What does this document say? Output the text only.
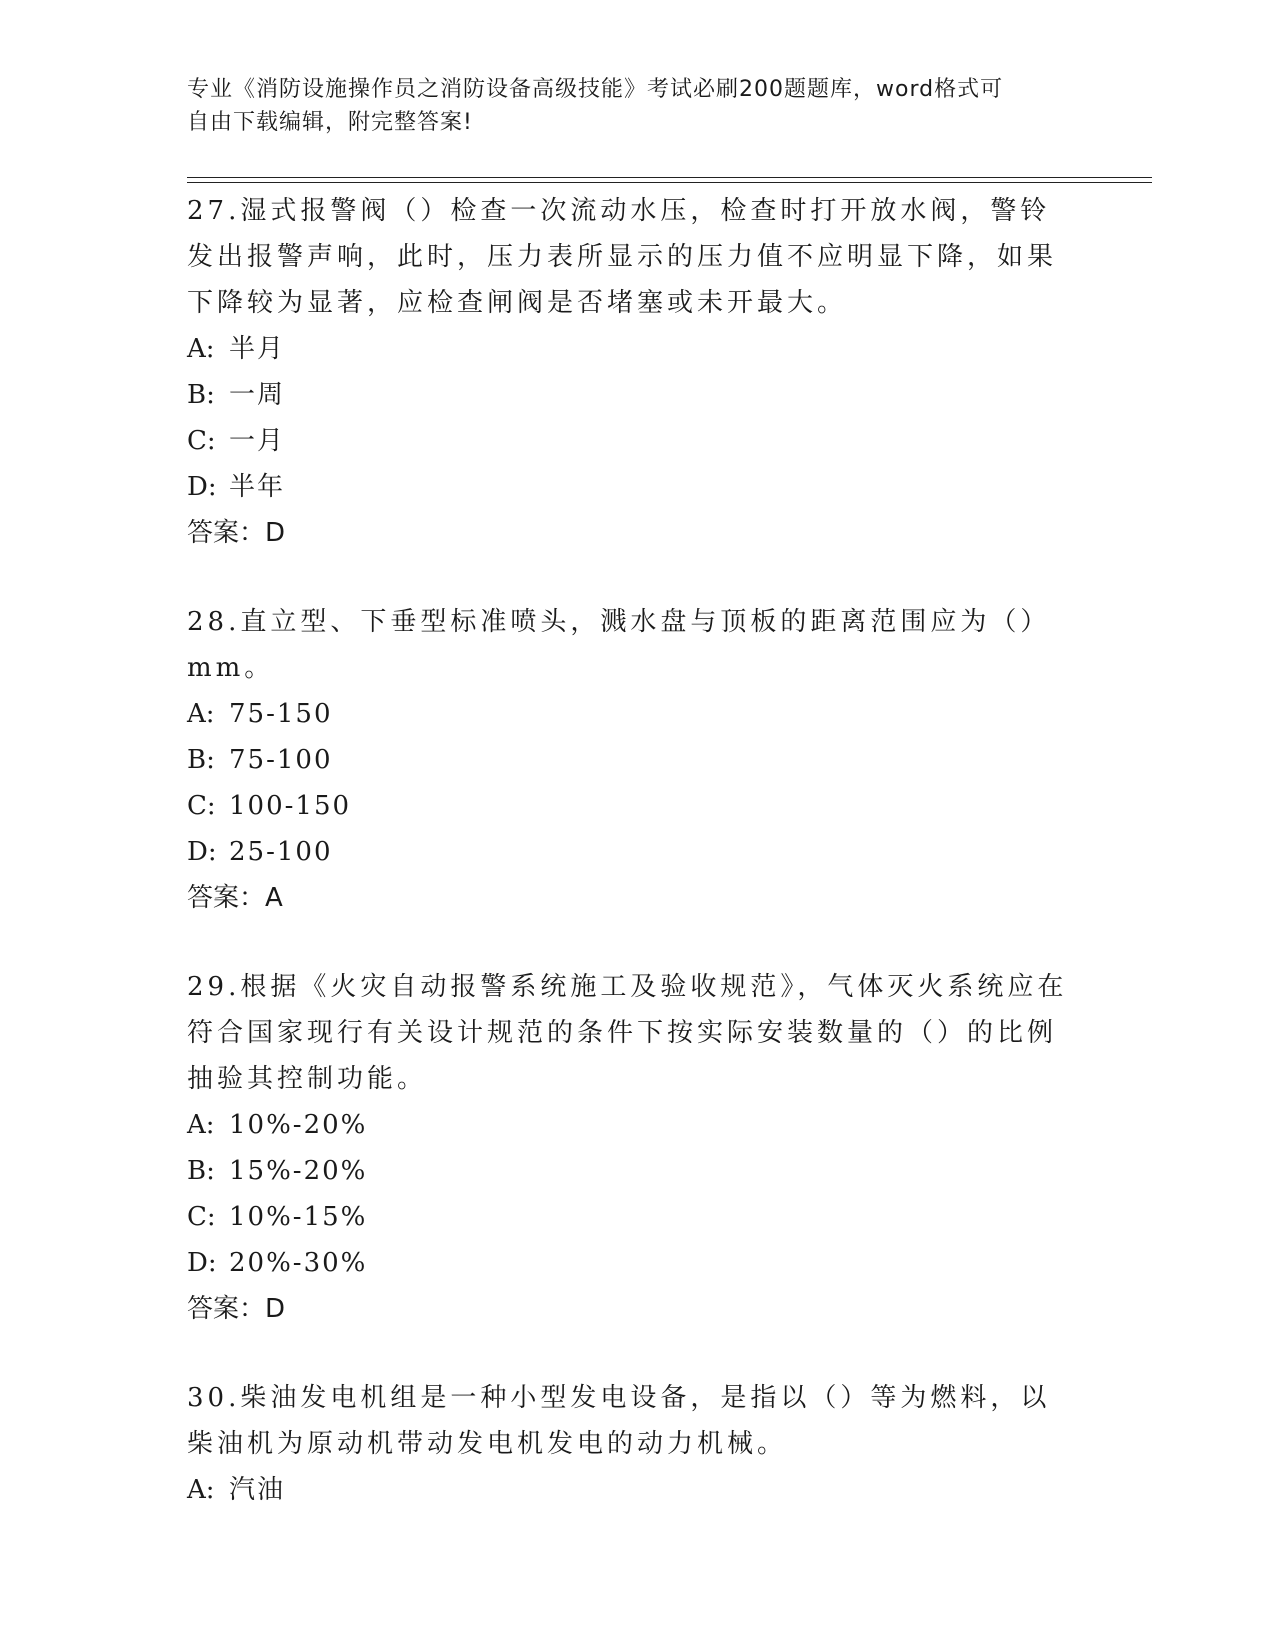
专业《消防设施操作员之消防设备高级技能》考试必刷200题题库，word格式可
自由下载编辑，附完整答案!

27.湿式报警阀（）检查一次流动水压，检查时打开放水阀，警铃发出报警声响，此时，压力表所显示的压力值不应明显下降，如果下降较为显著，应检查闸阀是否堵塞或未开最大。

A: 半月
B: 一周
C: 一月
D: 半年

答案：D

28.直立型、下垂型标准喷头，溅水盘与顶板的距离范围应为（）mm。

A: 75-150
B: 75-100
C: 100-150
D: 25-100

答案：A

29.根据《火灾自动报警系统施工及验收规范》，气体灭火系统应在符合国家现行有关设计规范的条件下按实际安装数量的（）的比例抽验其控制功能。

A: 10%-20%
B: 15%-20%
C: 10%-15%
D: 20%-30%

答案：D

30.柴油发电机组是一种小型发电设备，是指以（）等为燃料，以柴油机为原动机带动发电机发电的动力机械。

A: 汽油
